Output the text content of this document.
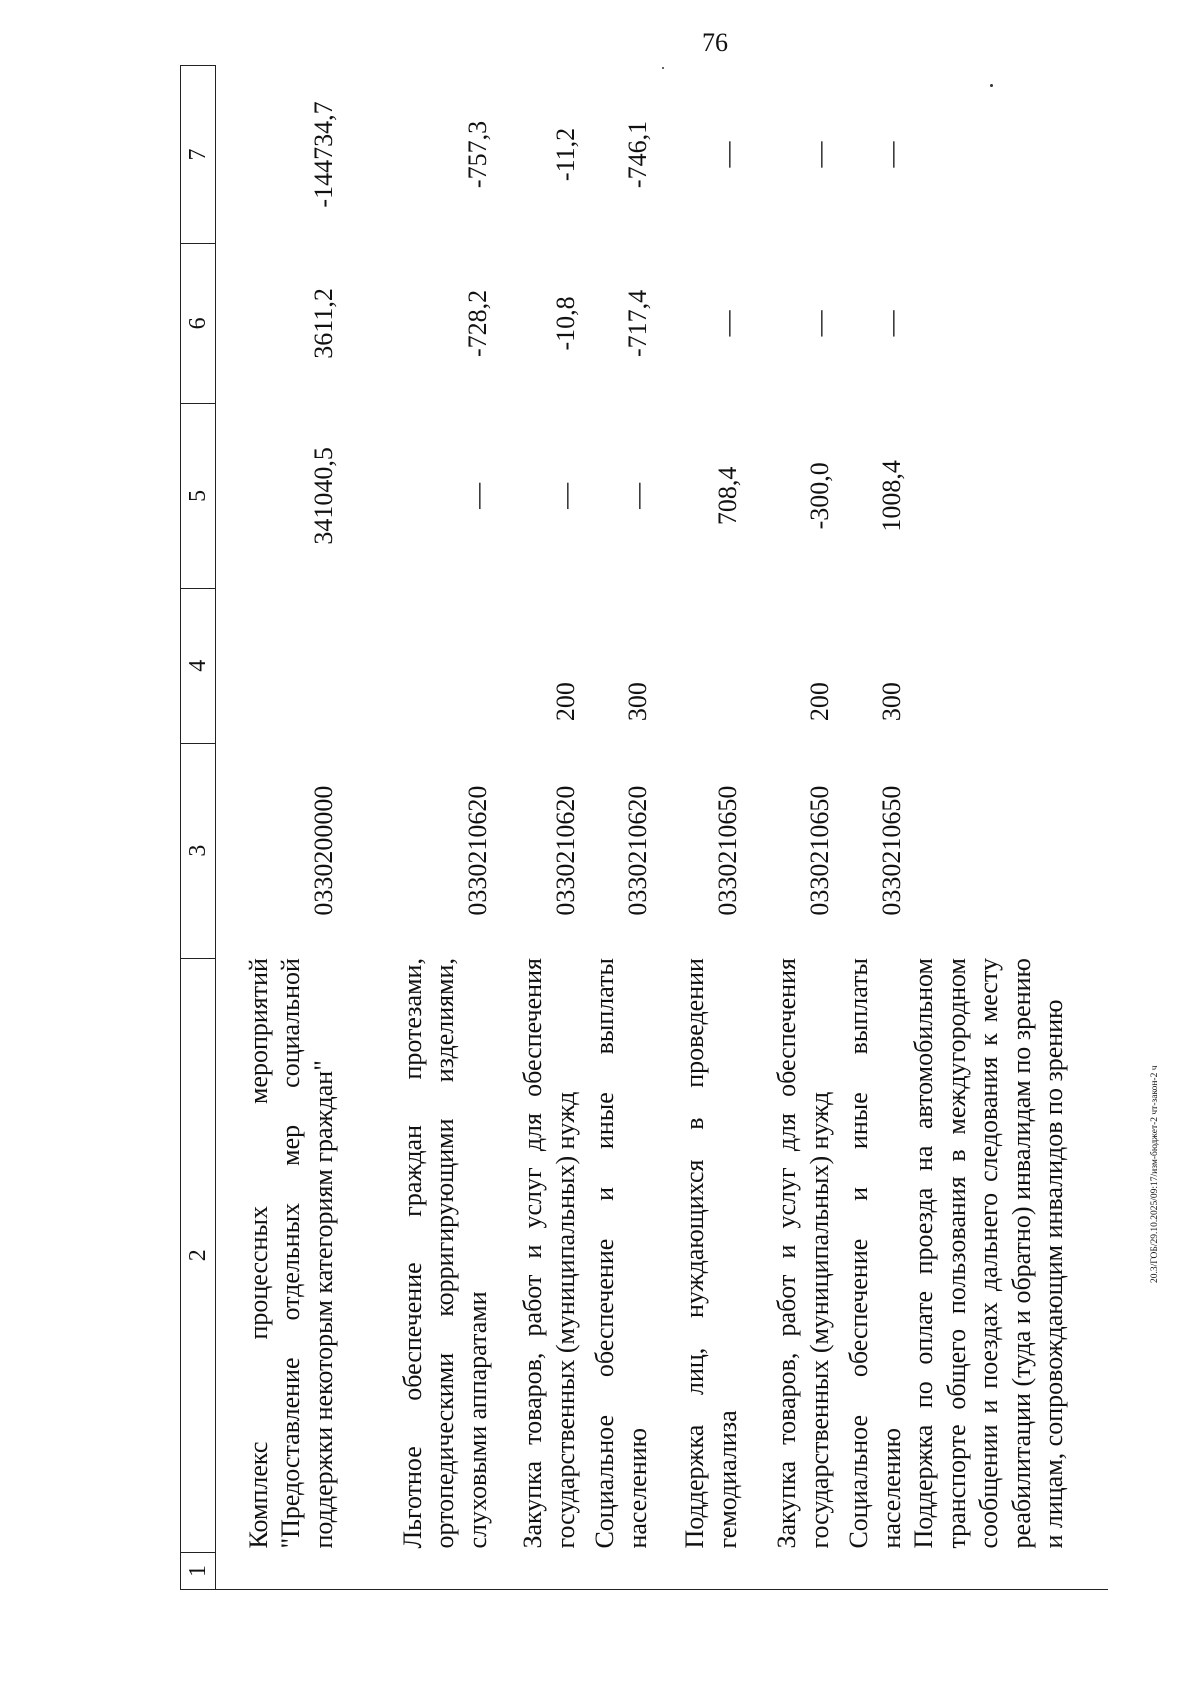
76
20.3/ГОБ/29.10.2025/09:17/изм-бюджет-2 чт-закон-2 ч
1	2	3	4	5	6	7
	Комплекс процессных мероприятий "Предоставление отдельных мер социальной поддержки некоторым категориям граждан"	0330200000		341040,5	3611,2	-144734,7
	Льготное обеспечение граждан протезами, ортопедическими корригирующими изделиями, слуховыми аппаратами	0330210620		—	-728,2	-757,3
	Закупка товаров, работ и услуг для обеспечения государственных (муниципальных) нужд	0330210620	200	—	-10,8	-11,2
	Социальное обеспечение и иные выплаты населению	0330210620	300	—	-717,4	-746,1
	Поддержка лиц, нуждающихся в проведении гемодиализа	0330210650		708,4	—	—
	Закупка товаров, работ и услуг для обеспечения государственных (муниципальных) нужд	0330210650	200	-300,0	—	—
	Социальное обеспечение и иные выплаты населению	0330210650	300	1008,4	—	—
	Поддержка по оплате проезда на автомобильном транспорте общего пользования в междугородном сообщении и поездах дальнего следования к месту реабилитации (туда и обратно) инвалидам по зрению и лицам, сопровождающим инвалидов по зрению					
